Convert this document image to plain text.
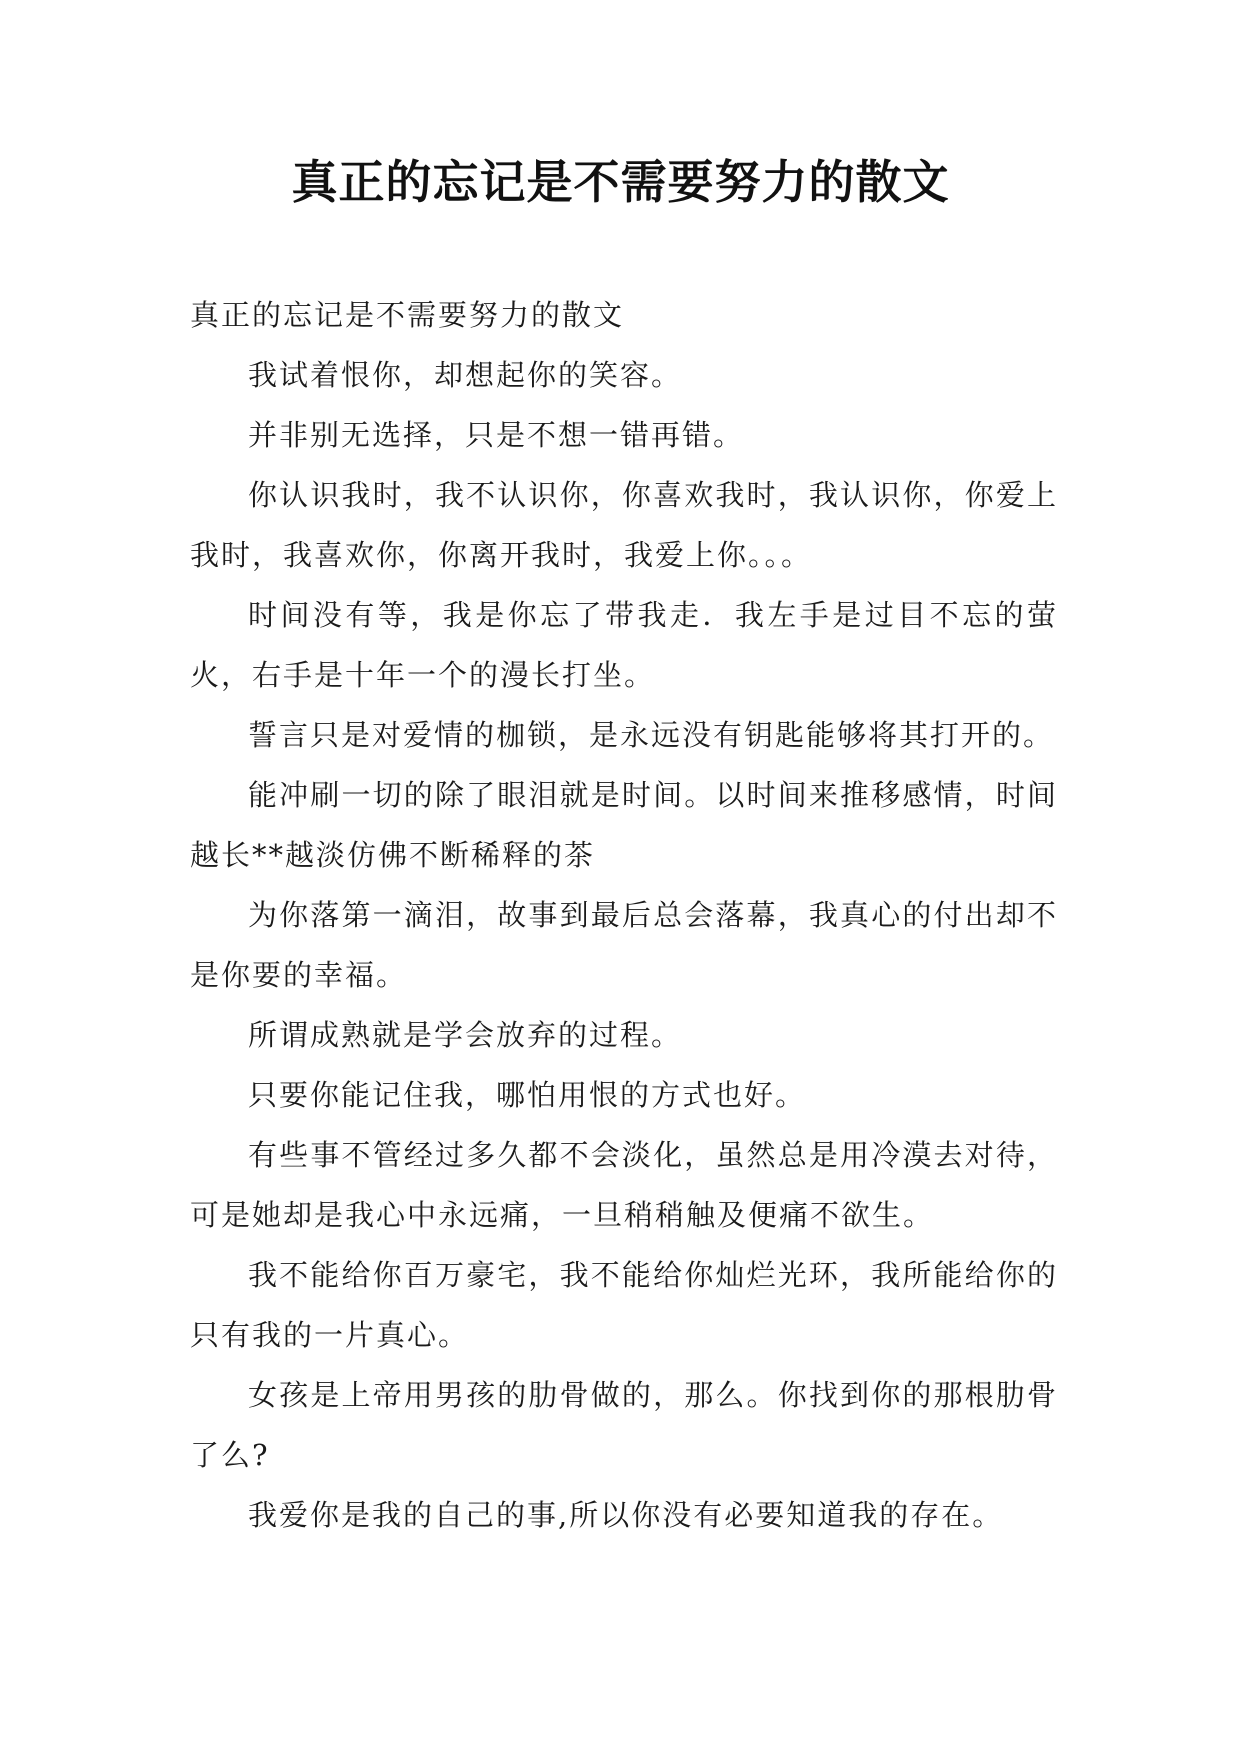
真正的忘记是不需要努力的散文

真正的忘记是不需要努力的散文

我试着恨你，却想起你的笑容。

并非别无选择，只是不想一错再错。

你认识我时，我不认识你，你喜欢我时，我认识你，你爱上我时，我喜欢你，你离开我时，我爱上你。。。

时间没有等，我是你忘了带我走．我左手是过目不忘的萤火，右手是十年一个的漫长打坐。

誓言只是对爱情的枷锁，是永远没有钥匙能够将其打开的。

能冲刷一切的除了眼泪就是时间。以时间来推移感情，时间越长**越淡仿佛不断稀释的茶

为你落第一滴泪，故事到最后总会落幕，我真心的付出却不是你要的幸福。

所谓成熟就是学会放弃的过程。

只要你能记住我，哪怕用恨的方式也好。

有些事不管经过多久都不会淡化，虽然总是用冷漠去对待，可是她却是我心中永远痛，一旦稍稍触及便痛不欲生。

我不能给你百万豪宅，我不能给你灿烂光环，我所能给你的只有我的一片真心。

女孩是上帝用男孩的肋骨做的，那么。你找到你的那根肋骨了么?

我爱你是我的自己的事,所以你没有必要知道我的存在。
